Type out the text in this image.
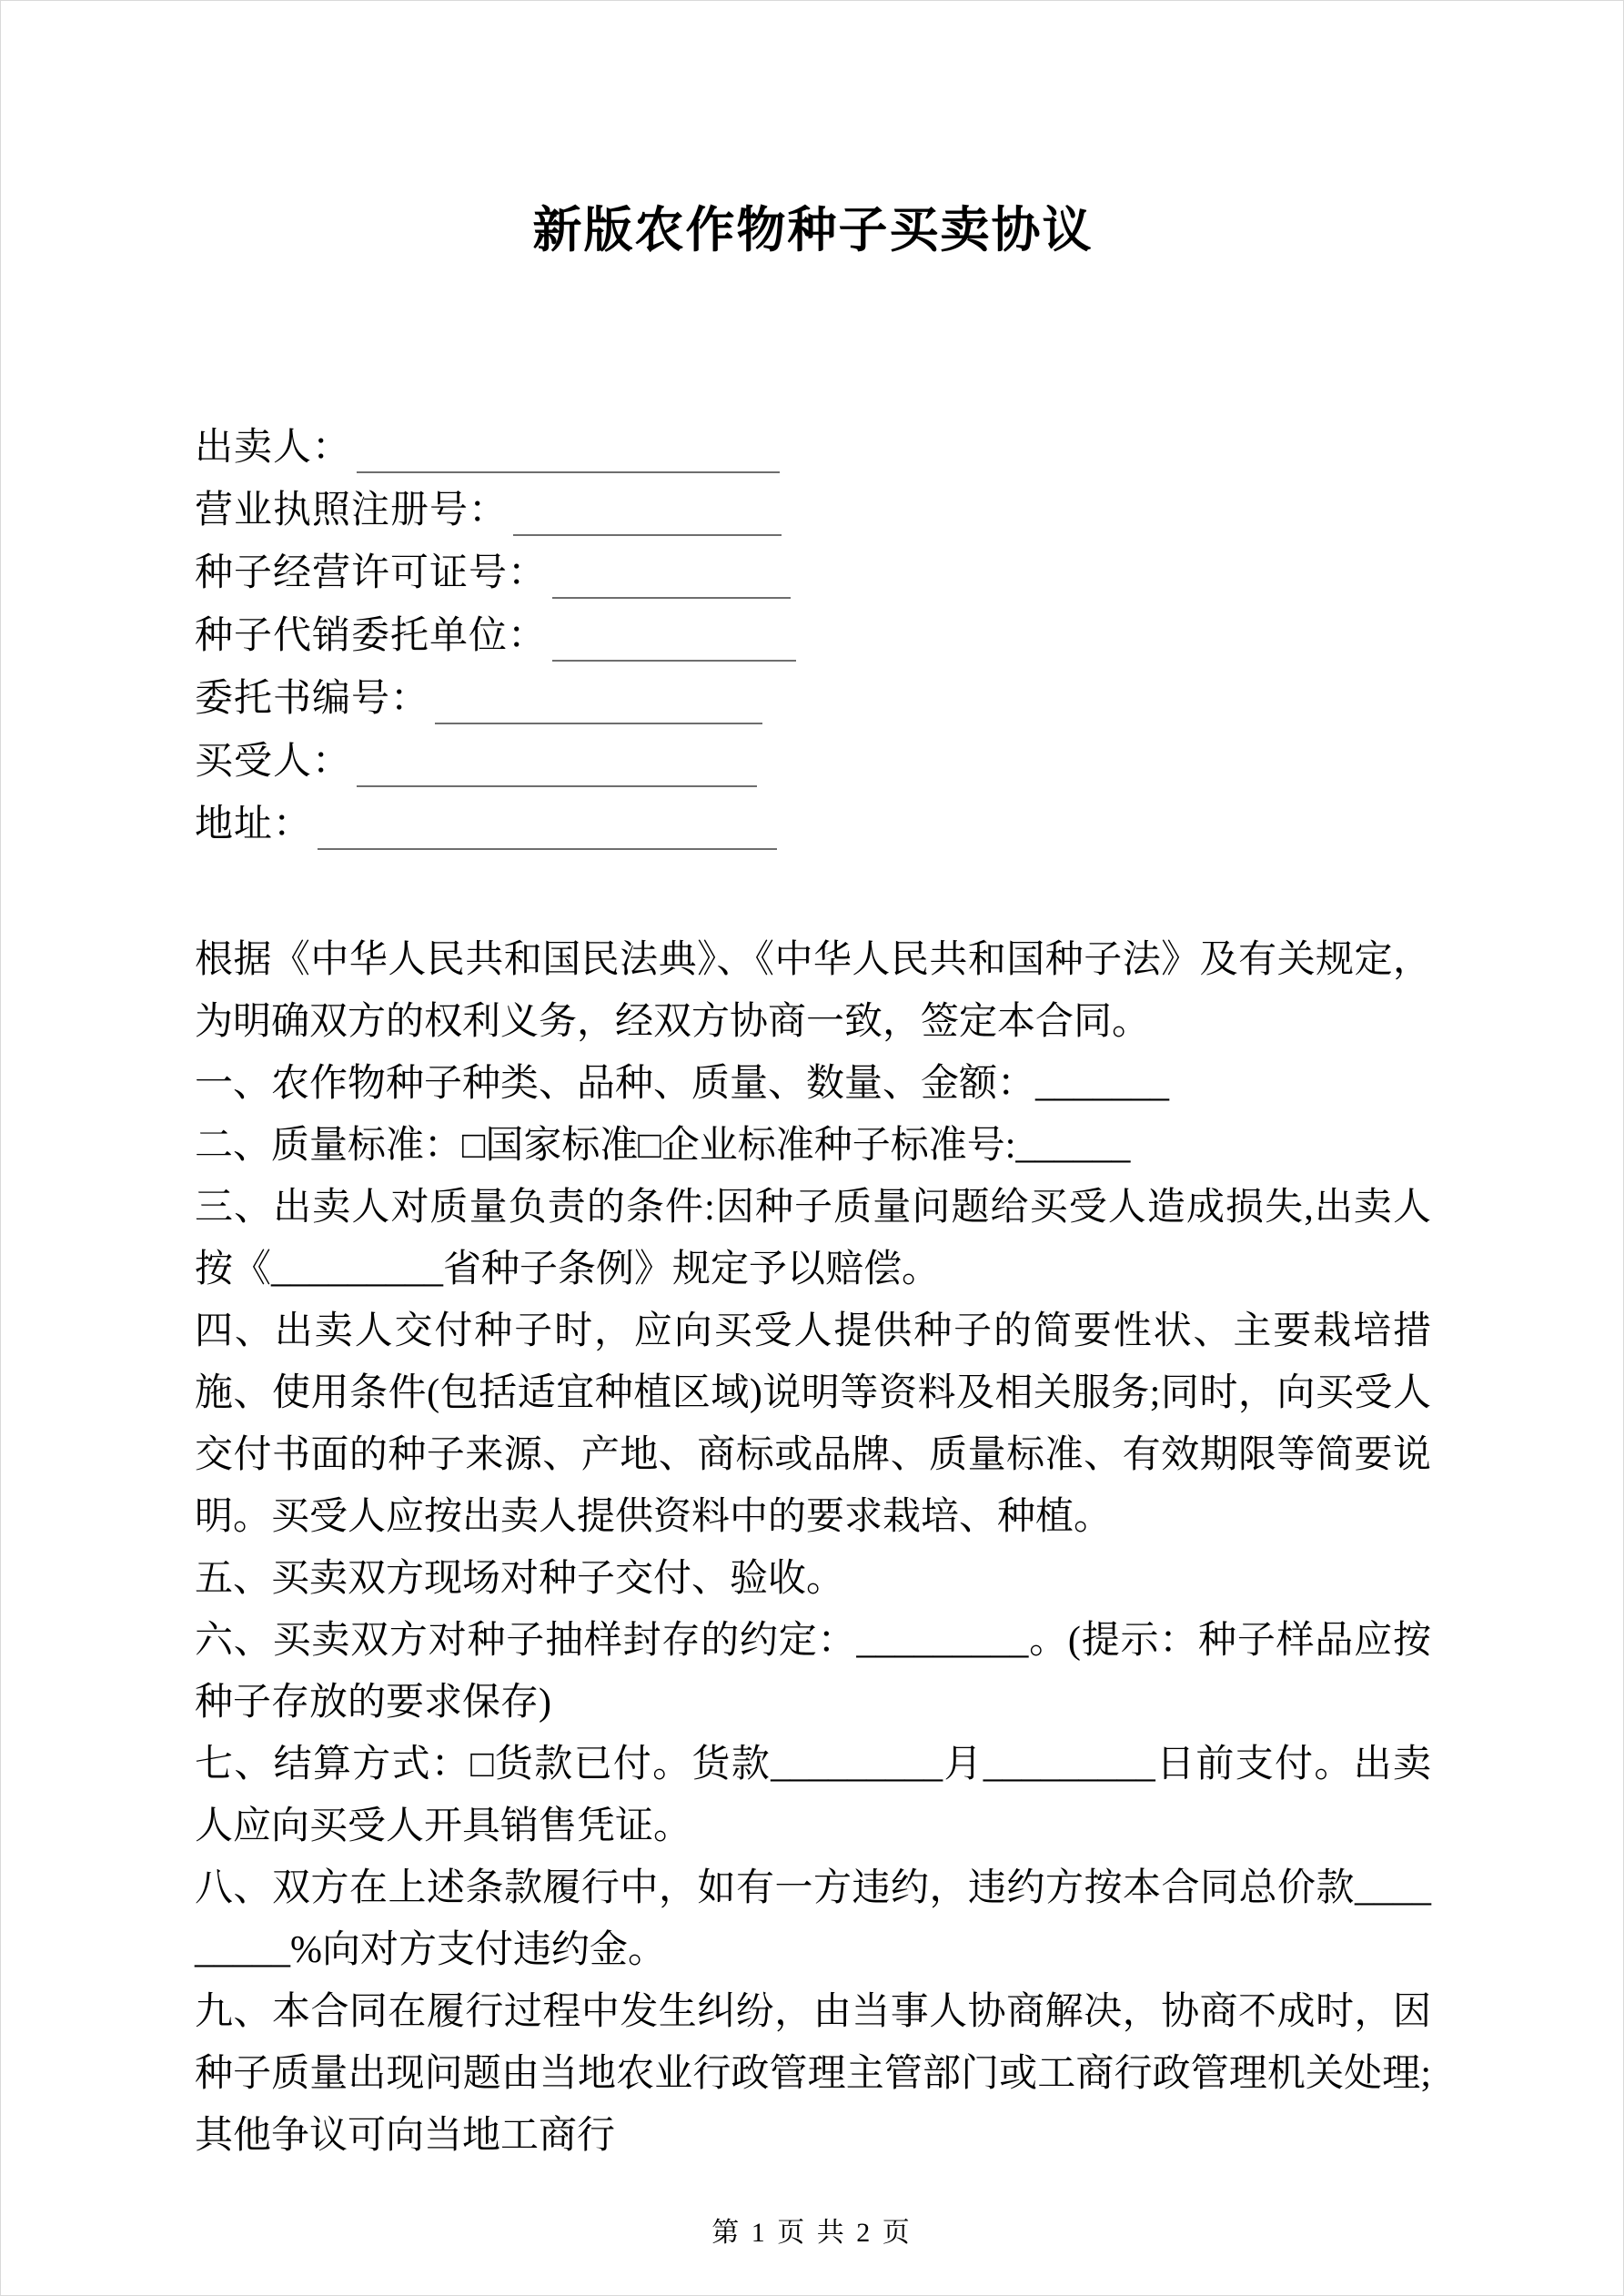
新版农作物种子买卖协议
出卖人：
营业执照注册号：
种子经营许可证号：
种子代销委托单位：
委托书编号：
买受人：
地址：

根据《中华人民共和国民法典》、《中华人民共和国种子法》及有关规定，为明确双方的权利义务，经双方协商一致，签定本合同。

一、农作物种子种类、品种、质量、数量、金额：_______

二、质量标准：□国家标准□企业标准种子标准号:______

三、出卖人对质量负责的条件:因种子质量问题给买受人造成损失,出卖人按《_________省种子条例》规定予以赔偿。

四、出卖人交付种子时，应向买受人提供种子的简要性状、主要栽培措施、使用条件(包括适宜种植区域)说明等资料及相关服务;同时，向买受人交付书面的种子来源、产地、商标或品牌、质量标准、有效期限等简要说明。买受人应按出卖人提供资料中的要求栽培、种植。

五、买卖双方现场对种子交付、验收。

六、买卖双方对种子抽样封存的约定：_________。(提示：种子样品应按种子存放的要求保存)

七、结算方式：□货款已付。货款_________月_________日前支付。出卖人应向买受人开具销售凭证。

八、双方在上述条款履行中，如有一方违约，违约方按本合同总价款_________%向对方支付违约金。

九、本合同在履行过程中发生纠纷，由当事人协商解决，协商不成时，因种子质量出现问题由当地农业行政管理主管部门或工商行政管理机关处理;其他争议可向当地工商行

第 1 页 共 2 页
